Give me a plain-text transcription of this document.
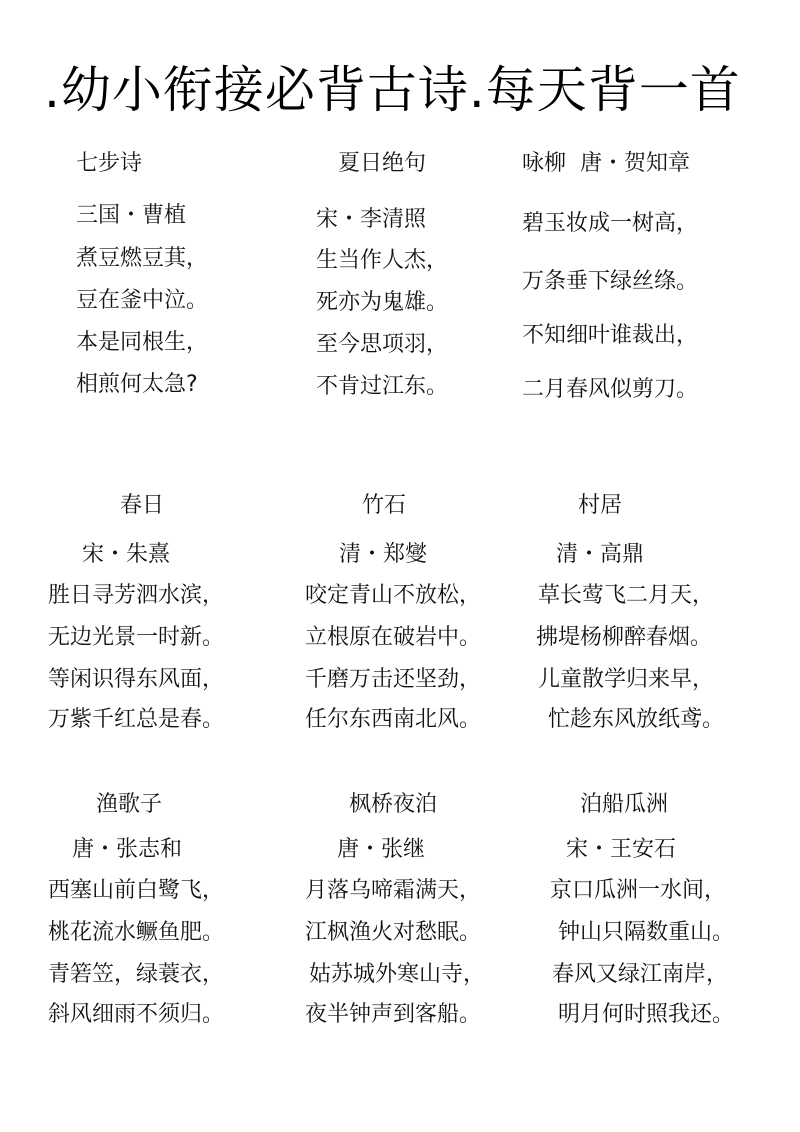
.幼小衔接必背古诗.每天背一首
七步诗
三国・曹植
煮豆燃豆萁，
豆在釜中泣。
本是同根生，
相煎何太急?
夏日绝句
宋・李清照
生当作人杰，
死亦为鬼雄。
至今思项羽，
不肯过江东。
咏柳  唐・贺知章
碧玉妆成一树高，
万条垂下绿丝绦。
不知细叶谁裁出，
二月春风似剪刀。
春日
宋・朱熹
胜日寻芳泗水滨，
无边光景一时新。
等闲识得东风面，
万紫千红总是春。
竹石
清・郑燮
咬定青山不放松，
立根原在破岩中。
千磨万击还坚劲，
任尔东西南北风。
村居
清・高鼎
草长莺飞二月天，
拂堤杨柳醉春烟。
儿童散学归来早，
忙趁东风放纸鸢。
渔歌子
唐・张志和
西塞山前白鹭飞，
桃花流水鳜鱼肥。
青箬笠，绿蓑衣，
斜风细雨不须归。
枫桥夜泊
唐・张继
月落乌啼霜满天，
江枫渔火对愁眠。
姑苏城外寒山寺，
夜半钟声到客船。
泊船瓜洲
宋・王安石
京口瓜洲一水间，
钟山只隔数重山。
春风又绿江南岸，
明月何时照我还。
